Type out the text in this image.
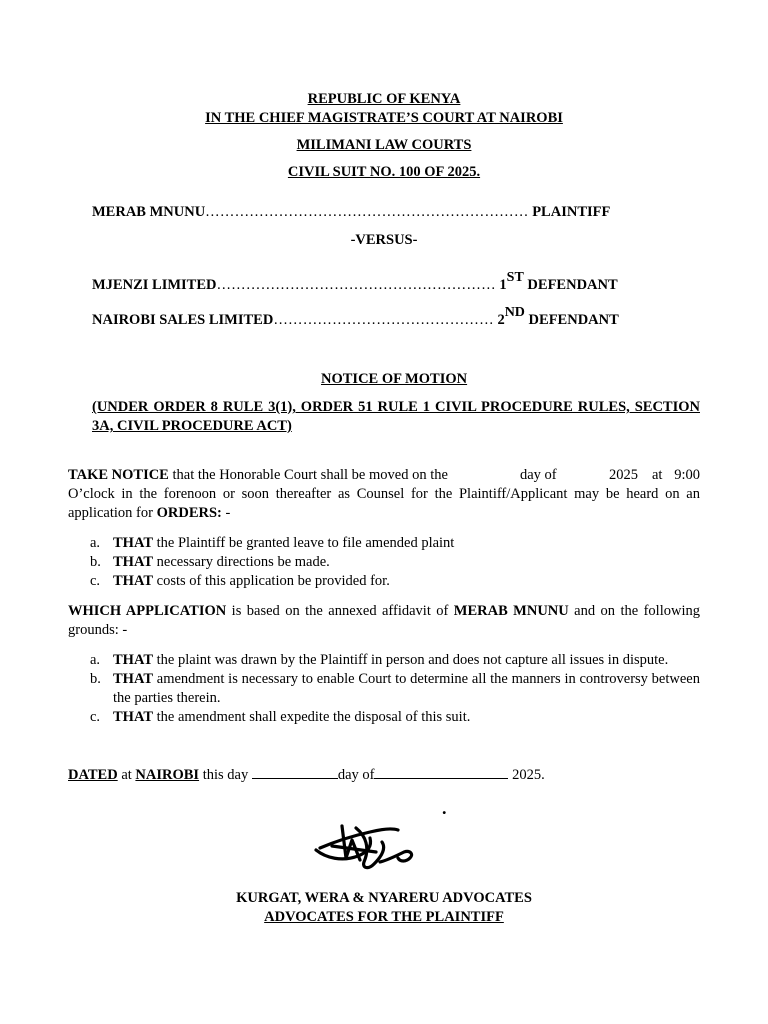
REPUBLIC OF KENYA
IN THE CHIEF MAGISTRATE’S COURT AT NAIROBI
MILIMANI LAW COURTS
CIVIL SUIT NO. 100 OF 2025.
MERAB MNUNU………………………………………………………… PLAINTIFF
-VERSUS-
MJENZI LIMITED………………………………………………… 1ST DEFENDANT
NAIROBI SALES LIMITED……………………………………… 2ND DEFENDANT
NOTICE OF MOTION
(UNDER ORDER 8 RULE 3(1), ORDER 51 RULE 1 CIVIL PROCEDURE RULES, SECTION 3A, CIVIL PROCEDURE ACT)
TAKE NOTICE that the Honorable Court shall be moved on the	day of	2025 at 9:00
O’clock in the forenoon or soon thereafter as Counsel for the Plaintiff/Applicant may be heard on an application for ORDERS: -
a. THAT the Plaintiff be granted leave to file amended plaint
b. THAT necessary directions be made.
c. THAT costs of this application be provided for.
WHICH APPLICATION is based on the annexed affidavit of MERAB MNUNU and on the following grounds: -
a. THAT the plaint was drawn by the Plaintiff in person and does not capture all issues in dispute.
b. THAT amendment is necessary to enable Court to determine all the manners in controversy between the parties therein.
c. THAT the amendment shall expedite the disposal of this suit.
DATED at NAIROBI this day	day of	2025.
.
KURGAT, WERA & NYARERU ADVOCATES
ADVOCATES FOR THE PLAINTIFF
